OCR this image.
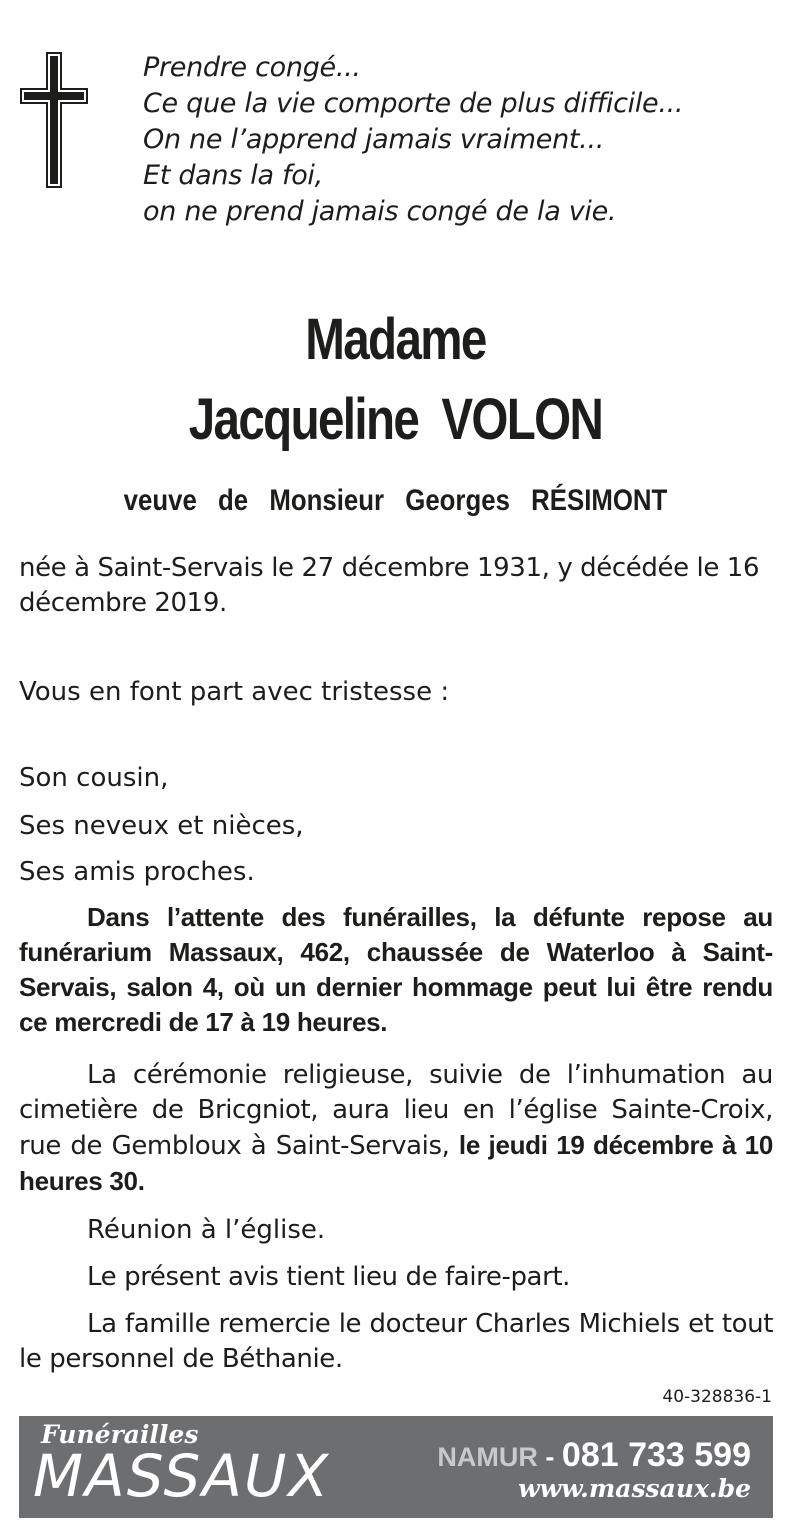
Prendre congé...
Ce que la vie comporte de plus difficile...
On ne l’apprend jamais vraiment...
Et dans la foi,
on ne prend jamais congé de la vie.
Madame
Jacqueline  VOLON
veuve  de  Monsieur  Georges  RÉSIMONT

née à Saint-Servais le 27 décembre 1931, y décédée le 16 décembre 2019.

Vous en font part avec tristesse :

Son cousin,

Ses neveux et nièces,

Ses amis proches.

Dans l’attente des funérailles, la défunte repose au funérarium Massaux, 462, chaussée de Waterloo à Saint-Servais, salon 4, où un dernier hommage peut lui être rendu ce mercredi de 17 à 19 heures.

La cérémonie religieuse, suivie de l’inhumation au cimetière de Bricgniot, aura lieu en l’église Sainte-Croix, rue de Gembloux à Saint-Servais, le jeudi 19 décembre à 10 heures 30.

Réunion à l’église.

Le présent avis tient lieu de faire-part.

La famille remercie le docteur Charles Michiels et tout le personnel de Béthanie.

40-328836-1
Funérailles
MASSAUX	NAMUR - 081 733 599
www.massaux.be
